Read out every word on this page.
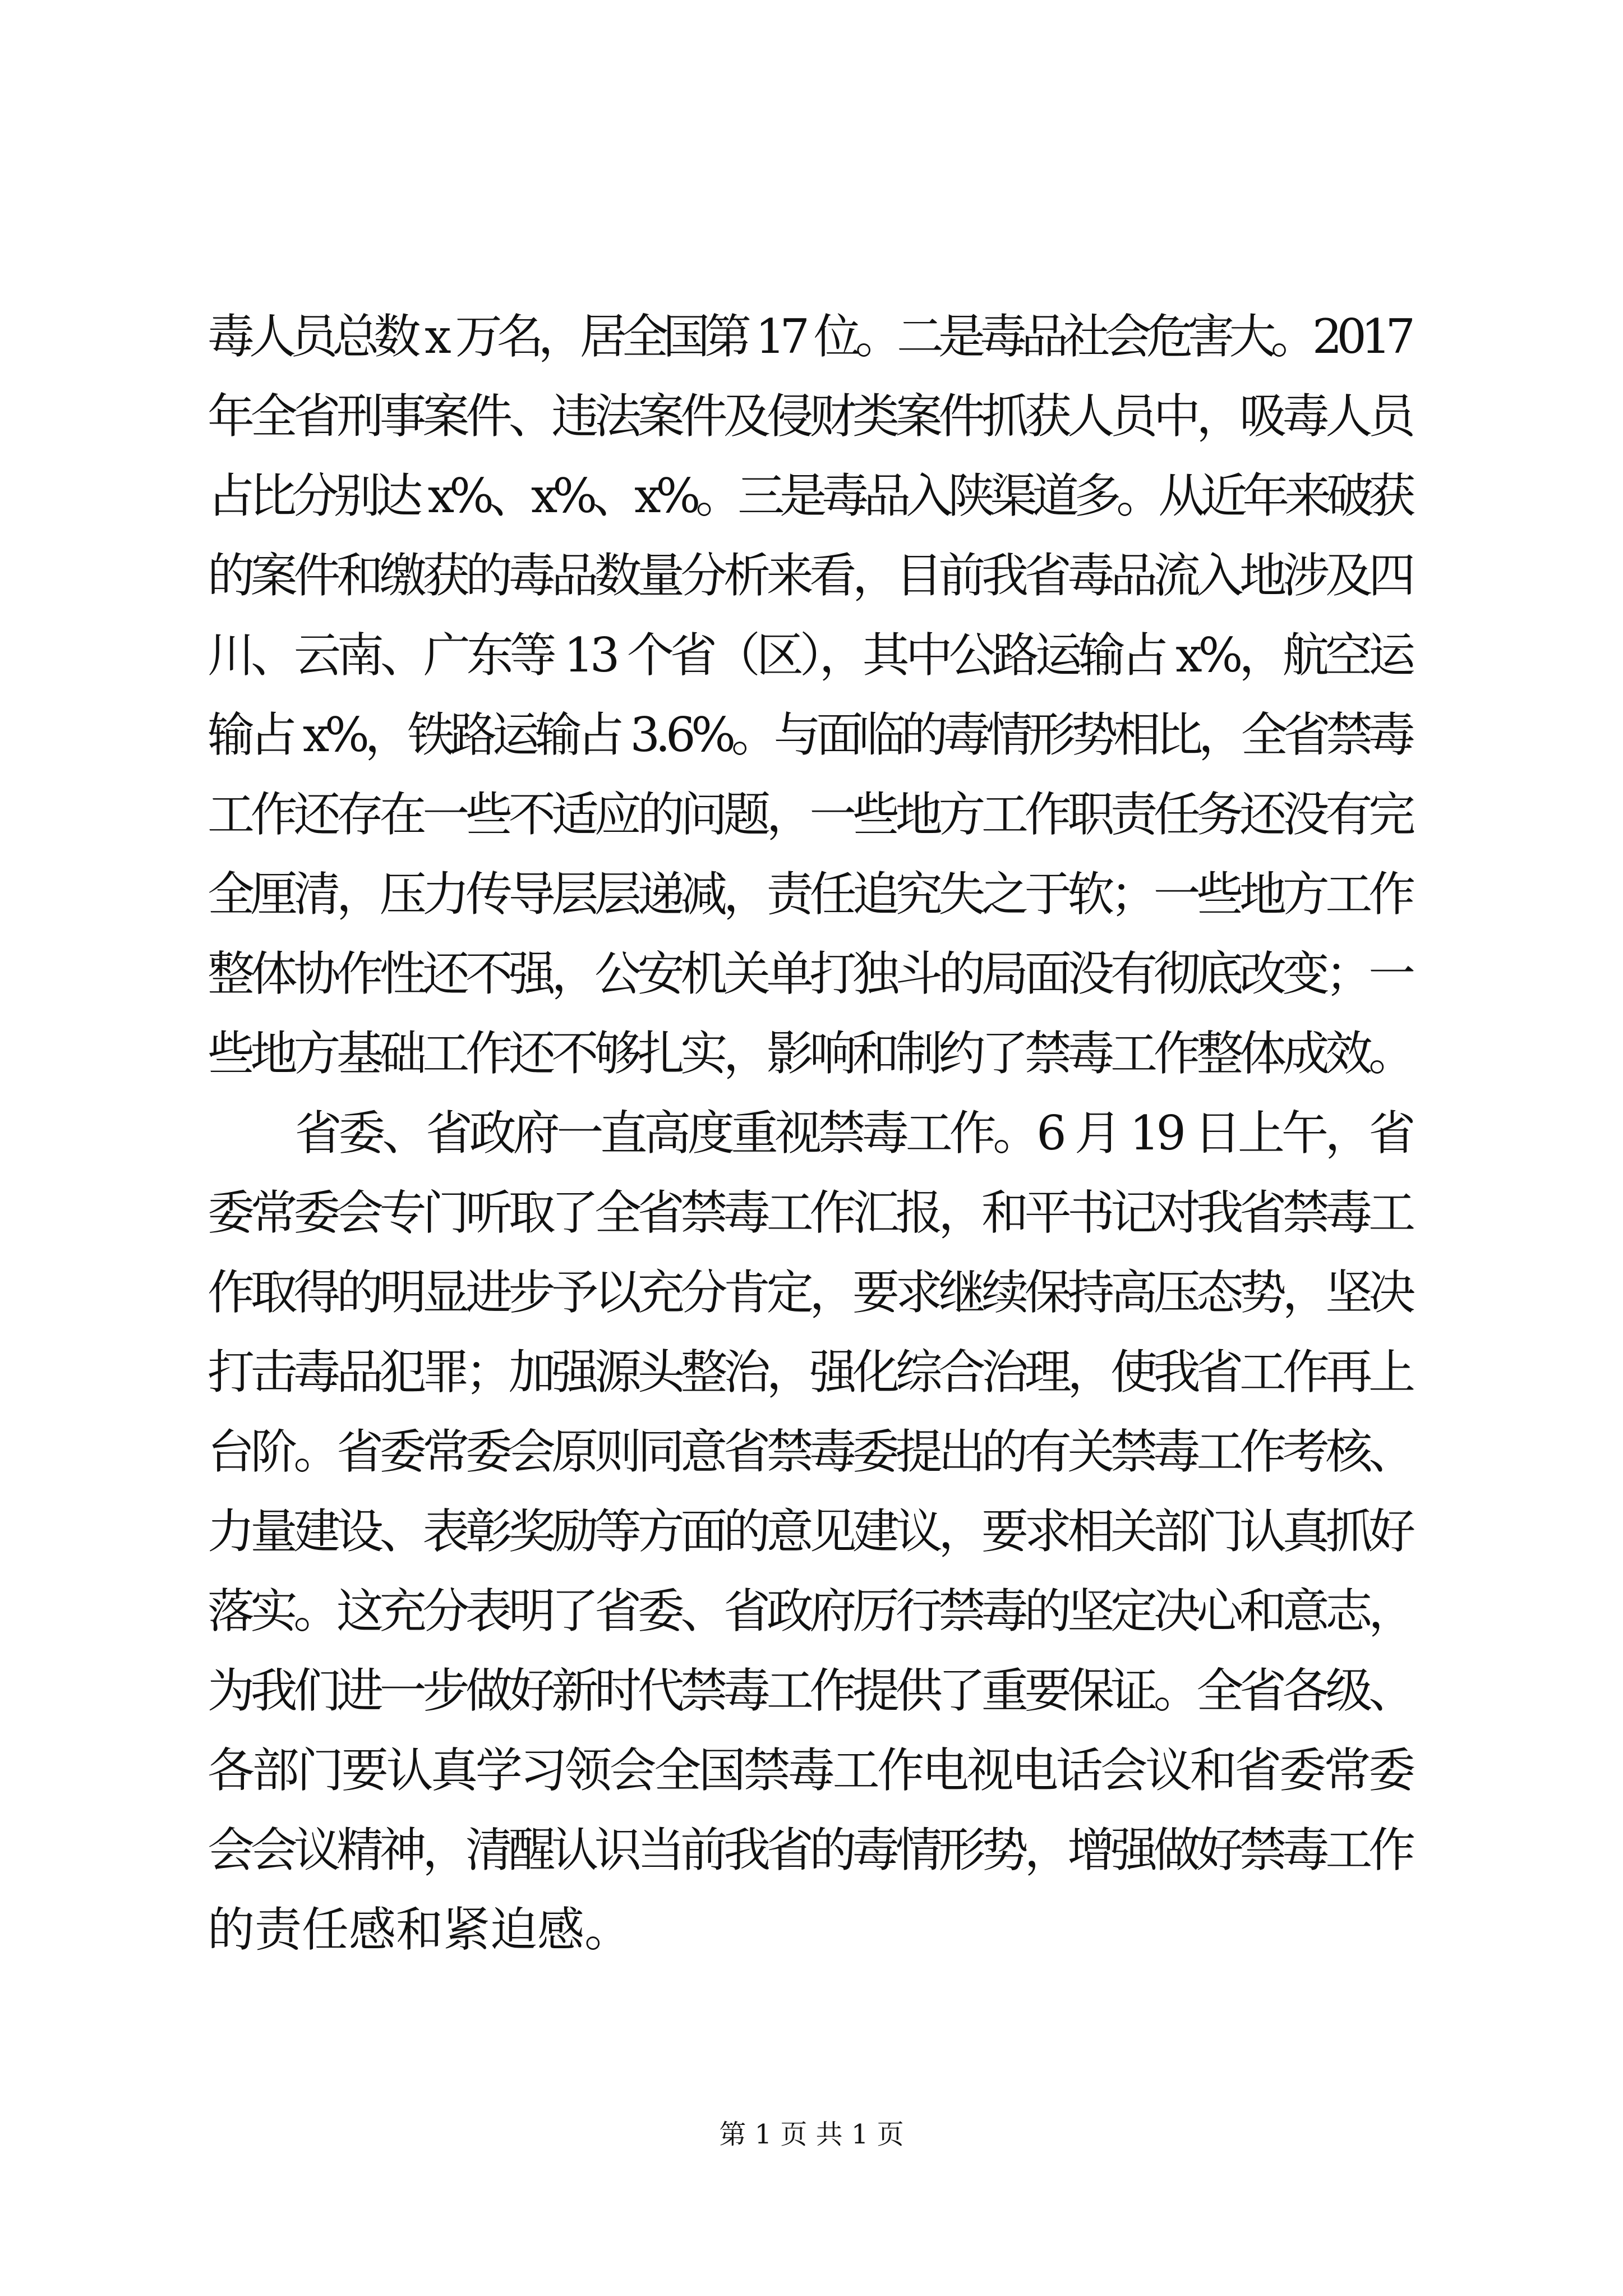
毒人员总数 x 万名，居全国第 17 位。二是毒品社会危害大。2017
年全省刑事案件、违法案件及侵财类案件抓获人员中，吸毒人员
占比分别达 x%、x%、x%。三是毒品入陕渠道多。从近年来破获
的案件和缴获的毒品数量分析来看，目前我省毒品流入地涉及四
川、云南、广东等 13 个省（区），其中公路运输占 x%，航空运
输占 x%，铁路运输占 3.6%。与面临的毒情形势相比，全省禁毒
工作还存在一些不适应的问题，一些地方工作职责任务还没有完
全厘清，压力传导层层递减，责任追究失之于软；一些地方工作
整体协作性还不强，公安机关单打独斗的局面没有彻底改变；一
些地方基础工作还不够扎实，影响和制约了禁毒工作整体成效。
　　省委、省政府一直高度重视禁毒工作。6 月 19 日上午，省
委常委会专门听取了全省禁毒工作汇报，和平书记对我省禁毒工
作取得的明显进步予以充分肯定，要求继续保持高压态势，坚决
打击毒品犯罪；加强源头整治，强化综合治理，使我省工作再上
台阶。省委常委会原则同意省禁毒委提出的有关禁毒工作考核、
力量建设、表彰奖励等方面的意见建议，要求相关部门认真抓好
落实。这充分表明了省委、省政府厉行禁毒的坚定决心和意志，
为我们进一步做好新时代禁毒工作提供了重要保证。全省各级、
各部门要认真学习领会全国禁毒工作电视电话会议和省委常委
会会议精神，清醒认识当前我省的毒情形势，增强做好禁毒工作
的责任感和紧迫感。
第 1 页 共 1 页
